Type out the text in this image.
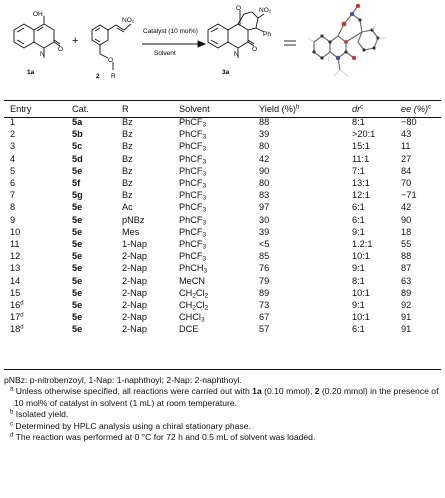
OH
N
O
1a
+
NO₂
O
R
2
Catalyst (10 mol%)
Solvent
O	NO₂
Ph
N
O
3a
Entry	Cat.	R	Solvent	Yield (%)$^b$	$dr^c$	ee (%)$^c$
1	5a	Bz	PhCF$_3$	88	8:1	−80
2	5b	Bz	PhCF$_3$	39	>20:1	43
3	5c	Bz	PhCF$_3$	80	15:1	11
4	5d	Bz	PhCF$_3$	42	11:1	27
5	5e	Bz	PhCF$_3$	90	7:1	84
6	5f	Bz	PhCF$_3$	80	13:1	70
7	5g	Bz	PhCF$_3$	83	12:1	−71
8	5e	Ac	PhCF$_3$	97	6:1	42
9	5e	pNBz	PhCF$_3$	30	6:1	90
10	5e	Mes	PhCF$_3$	39	9:1	18
11	5e	1-Nap	PhCF$_3$	<5	1.2:1	55
12	5e	2-Nap	PhCF$_3$	85	10:1	88
13	5e	2-Nap	PhCH$_3$	76	9:1	87
14	5e	2-Nap	MeCN	79	8:1	63
15	5e	2-Nap	$CH_2Cl_2$	89	10:1	89
16$^d$	5e	2-Nap	$CH_2Cl_2$	73	9:1	92
17$^d$	5e	2-Nap	CHCl$_3$	67	10:1	91
18$^d$	5e	2-Nap	DCE	57	6:1	91

pNBz: p-nitrobenzoyl, 1-Nap: 1-naphthoyl; 2-Nap: 2-naphthoyl.

$^a$ Unless otherwise specified, all reactions were carried out with 1a (0.10 mmol), 2 (0.20 mmol) in the presence of 10 mol% of catalyst in solvent (1 mL) at room temperature.

$^b$ Isolated yield.

$^c$ Determined by HPLC analysis using a chiral stationary phase.

$^d$ The reaction was performed at 0 °C for 72 h and 0.5 mL of solvent was loaded.
